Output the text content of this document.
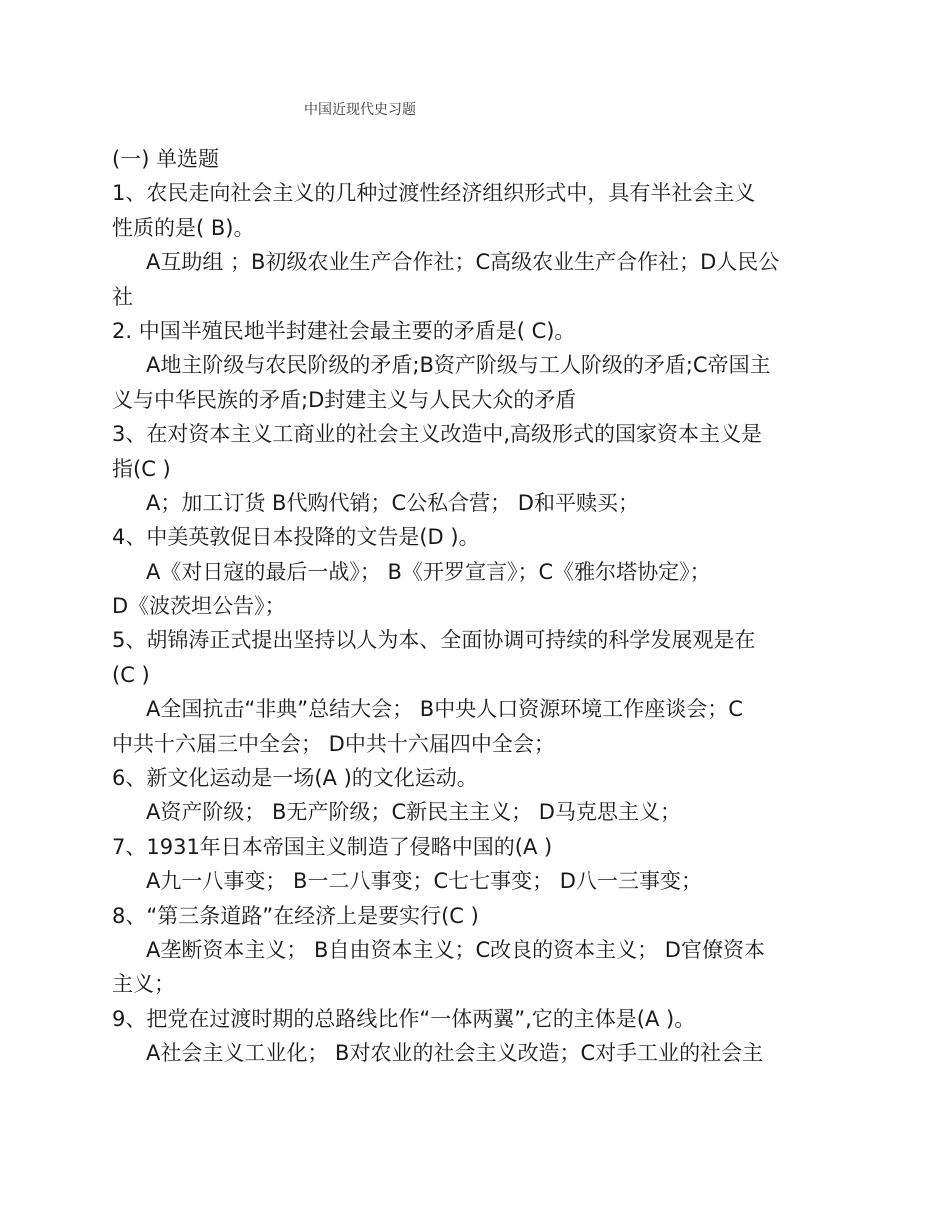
中国近现代史习题
(一) 单选题
1、农民走向社会主义的几种过渡性经济组织形式中，具有半社会主义
性质的是( B)。
A互助组 ；B初级农业生产合作社；C高级农业生产合作社；D人民公
社
2. 中国半殖民地半封建社会最主要的矛盾是( C)。
A地主阶级与农民阶级的矛盾;B资产阶级与工人阶级的矛盾;C帝国主
义与中华民族的矛盾;D封建主义与人民大众的矛盾
3、在对资本主义工商业的社会主义改造中,高级形式的国家资本主义是
指(C )
A；加工订货 B代购代销；C公私合营； D和平赎买；
4、中美英敦促日本投降的文告是(D )。
A《对日寇的最后一战》； B《开罗宣言》；C《雅尔塔协定》；
D《波茨坦公告》；
5、胡锦涛正式提出坚持以人为本、全面协调可持续的科学发展观是在
(C )
A全国抗击“非典”总结大会； B中央人口资源环境工作座谈会；C
中共十六届三中全会； D中共十六届四中全会；
6、新文化运动是一场(A )的文化运动。
A资产阶级； B无产阶级；C新民主主义； D马克思主义；
7、1931年日本帝国主义制造了侵略中国的(A )
A九一八事变； B一二八事变；C七七事变； D八一三事变；
8、“第三条道路”在经济上是要实行(C )
A垄断资本主义； B自由资本主义；C改良的资本主义； D官僚资本
主义；
9、把党在过渡时期的总路线比作“一体两翼”,它的主体是(A )。
A社会主义工业化； B对农业的社会主义改造；C对手工业的社会主
